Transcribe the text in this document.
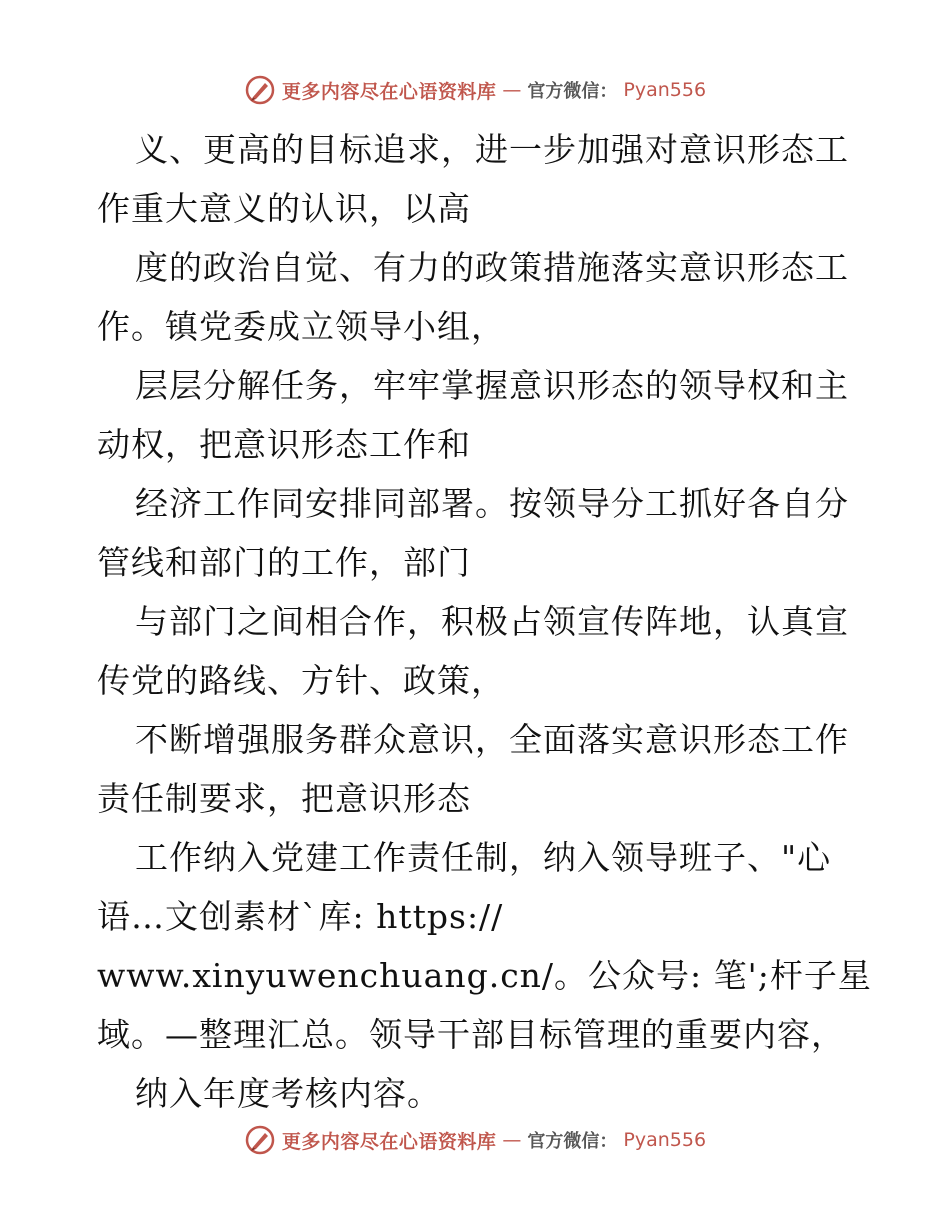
更多内容尽在心语资料库 — 官方微信： Pyan556
义、更高的目标追求，进一步加强对意识形态工
作重大意义的认识，以高
度的政治自觉、有力的政策措施落实意识形态工
作。镇党委成立领导小组，
层层分解任务，牢牢掌握意识形态的领导权和主
动权，把意识形态工作和
经济工作同安排同部署。按领导分工抓好各自分
管线和部门的工作，部门
与部门之间相合作，积极占领宣传阵地，认真宣
传党的路线、方针、政策，
不断增强服务群众意识，全面落实意识形态工作
责任制要求，把意识形态
工作纳入党建工作责任制，纳入领导班子、"心
语…文创素材`库: https://
www.xinyuwenchuang.cn/。公众号: 笔';杆子星
域。—整理汇总。领导干部目标管理的重要内容，
纳入年度考核内容。
更多内容尽在心语资料库 — 官方微信： Pyan556
